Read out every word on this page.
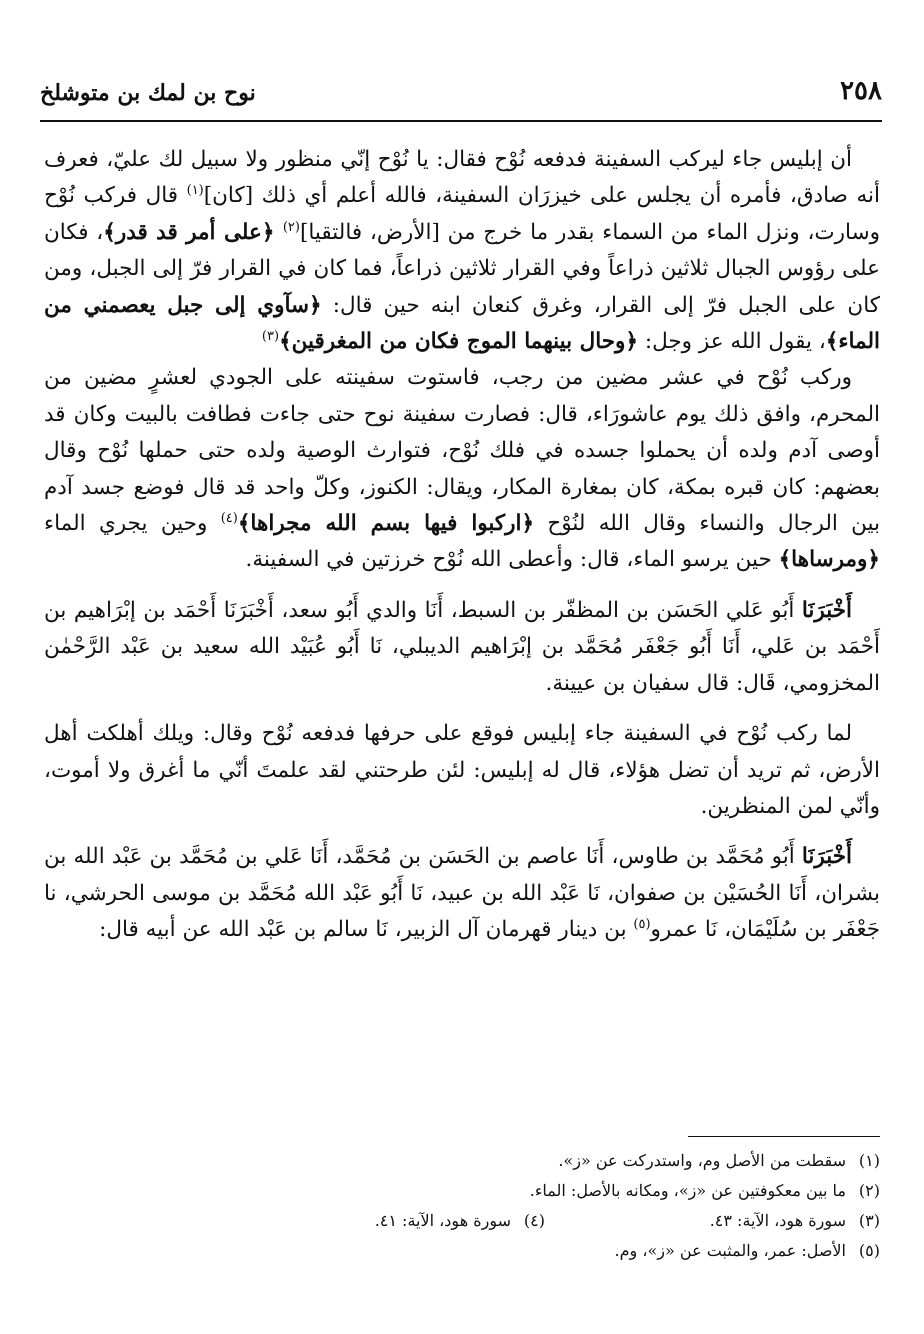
٢٥٨
نوح بن لمك بن متوشلخ

أن إبليس جاء ليركب السفينة فدفعه نُوْح فقال: يا نُوْح إنّي منظور ولا سبيل لك عليّ، فعرف أنه صادق، فأمره أن يجلس على خيزرَان السفينة، فالله أعلم أي ذلك [كان]$^{(١)}$ قال فركب نُوْح وسارت، ونزل الماء من السماء بقدر ما خرج من [الأرض، فالتقيا]$^{(٢)}$ ﴿على أمر قد قدر﴾، فكان على رؤوس الجبال ثلاثين ذراعاً وفي القرار ثلاثين ذراعاً، فما كان في القرار فرّ إلى الجبل، ومن كان على الجبل فرّ إلى القرار، وغرق كنعان ابنه حين قال: ﴿سآوي إلى جبل يعصمني من الماء﴾، يقول الله عز وجل: ﴿وحال بينهما الموج فكان من المغرقين﴾$^{(٣)}$

وركب نُوْح في عشر مضين من رجب، فاستوت سفينته على الجودي لعشرٍ مضين من المحرم، وافق ذلك يوم عاشورَاء، قال: فصارت سفينة نوح حتى جاءت فطافت بالبيت وكان قد أوصى آدم ولده أن يحملوا جسده في فلك نُوْح، فتوارث الوصية ولده حتى حملها نُوْح وقال بعضهم: كان قبره بمكة، كان بمغارة المكار، ويقال: الكنوز، وكلّ واحد قد قال فوضع جسد آدم بين الرجال والنساء وقال الله لنُوْح ﴿اركبوا فيها بسم الله مجراها﴾$^{(٤)}$ وحين يجري الماء ﴿ومرساها﴾ حين يرسو الماء، قال: وأعطى الله نُوْح خرزتين في السفينة.

أَخْبَرَنَا أَبُو عَلي الحَسَن بن المظفّر بن السبط، أَنَا والدي أَبُو سعد، أَخْبَرَنَا أَحْمَد بن إبْرَاهيم بن أَحْمَد بن عَلي، أَنَا أَبُو جَعْفَر مُحَمَّد بن إبْرَاهيم الديبلي، نَا أَبُو عُبَيْد الله سعيد بن عَبْد الرَّحْمٰن المخزومي، قَال: قال سفيان بن عيينة.

لما ركب نُوْح في السفينة جاء إبليس فوقع على حرفها فدفعه نُوْح وقال: ويلك أهلكت أهل الأرض، ثم تريد أن تضل هؤلاء، قال له إبليس: لئن طرحتني لقد علمتَ أنّي ما أغرق ولا أموت، وأنّي لمن المنظرين.

أَخْبَرَنَا أَبُو مُحَمَّد بن طاوس، أَنَا عاصم بن الحَسَن بن مُحَمَّد، أَنَا عَلي بن مُحَمَّد بن عَبْد الله بن بشران، أَنَا الحُسَيْن بن صفوان، نَا عَبْد الله بن عبيد، نَا أَبُو عَبْد الله مُحَمَّد بن موسى الحرشي، نا جَعْفَر بن سُلَيْمَان، نَا عمرو$^{(٥)}$ بن دينار قهرمان آل الزبير، نَا سالم بن عَبْد الله عن أبيه قال:

(١)سقطت من الأصل وم، واستدركت عن «ز».

(٢)ما بين معكوفتين عن «ز»، ومكانه بالأصل: الماء.

(٣)سورة هود، الآية: ٤٣.

(٤)سورة هود، الآية: ٤١.

(٥)الأصل: عمر، والمثبت عن «ز»، وم.
